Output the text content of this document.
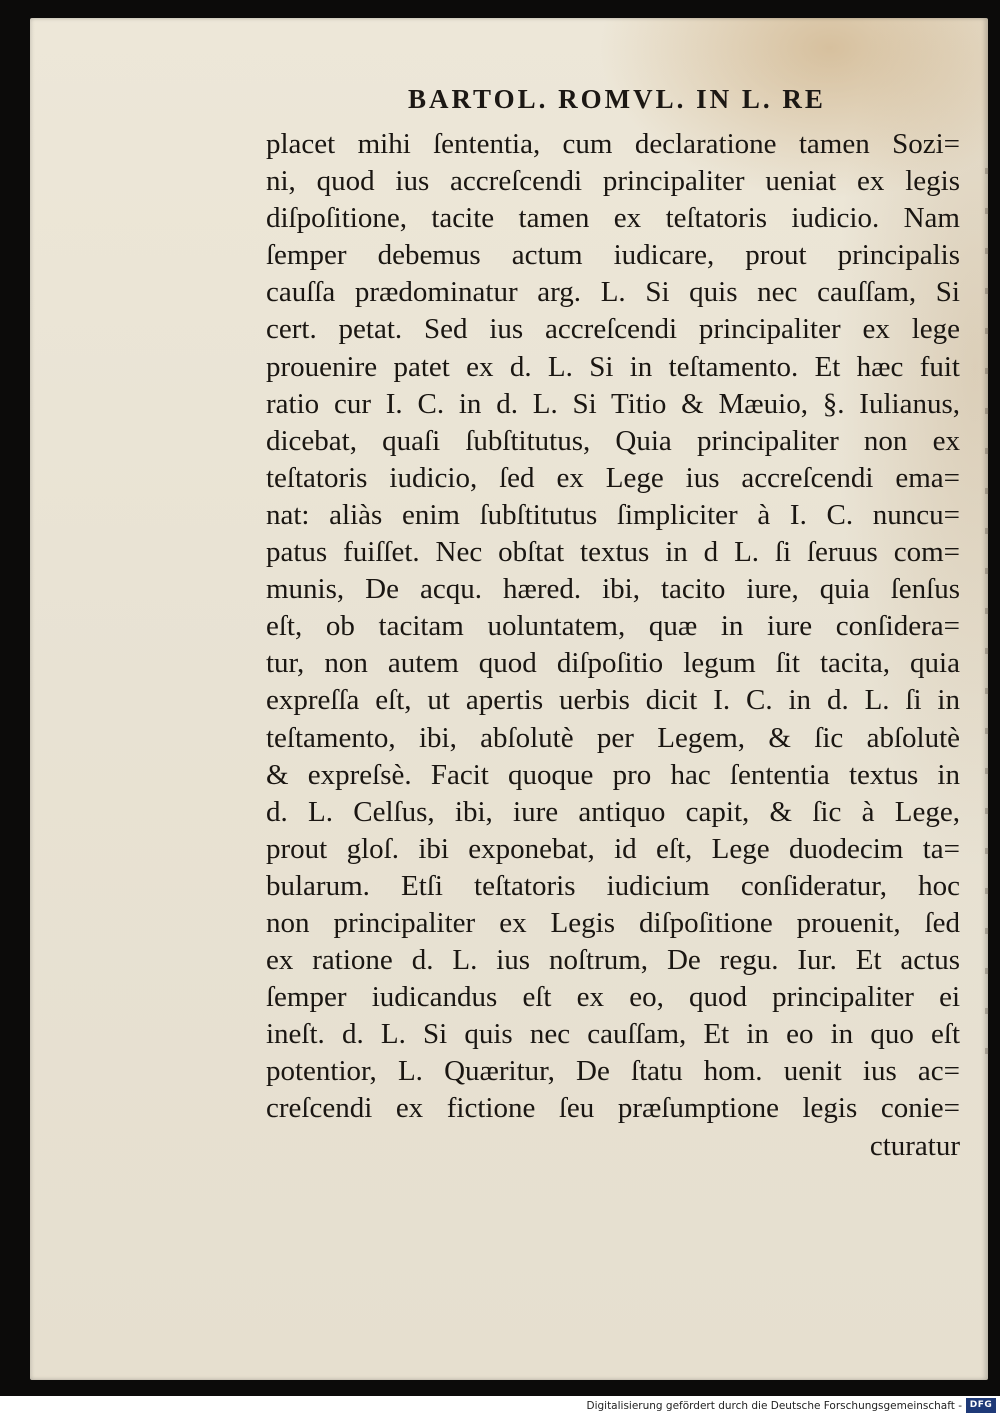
BARTOL. ROMVL. IN L. RE
placet mihi ſententia, cum declaratione tamen Sozi=
ni, quod ius accreſcendi principaliter ueniat ex legis
diſpoſitione, tacite tamen ex teſtatoris iudicio. Nam
ſemper debemus actum iudicare, prout principalis
cauſſa prædominatur arg. L. Si quis nec cauſſam, Si
cert. petat. Sed ius accreſcendi principaliter ex lege
prouenire patet ex d. L. Si in teſtamento. Et hæc fuit
ratio cur I. C. in d. L. Si Titio & Mæuio, §. Iulianus,
dicebat, quaſi ſubſtitutus, Quia principaliter non ex
teſtatoris iudicio, ſed ex Lege ius accreſcendi ema=
nat: aliàs enim ſubſtitutus ſimpliciter à I. C. nuncu=
patus fuiſſet. Nec obſtat textus in d L. ſi ſeruus com=
munis, De acqu. hæred. ibi, tacito iure, quia ſenſus
eſt, ob tacitam uoluntatem, quæ in iure conſidera=
tur, non autem quod diſpoſitio legum ſit tacita, quia
expreſſa eſt, ut apertis uerbis dicit I. C. in d. L. ſi in
teſtamento, ibi, abſolutè per Legem, & ſic abſolutè
& expreſsè. Facit quoque pro hac ſententia textus in
d. L. Celſus, ibi, iure antiquo capit, & ſic à Lege,
prout gloſ. ibi exponebat, id eſt, Lege duodecim ta=
bularum. Etſi teſtatoris iudicium conſideratur, hoc
non principaliter ex Legis diſpoſitione prouenit, ſed
ex ratione d. L. ius noſtrum, De regu. Iur. Et actus
ſemper iudicandus eſt ex eo, quod principaliter ei
ineſt. d. L. Si quis nec cauſſam, Et in eo in quo eſt
potentior, L. Quæritur, De ſtatu hom. uenit ius ac=
creſcendi ex fictione ſeu præſumptione legis conie=
cturatur
Digitalisierung gefördert durch die Deutsche Forschungsgemeinschaft - DFG
